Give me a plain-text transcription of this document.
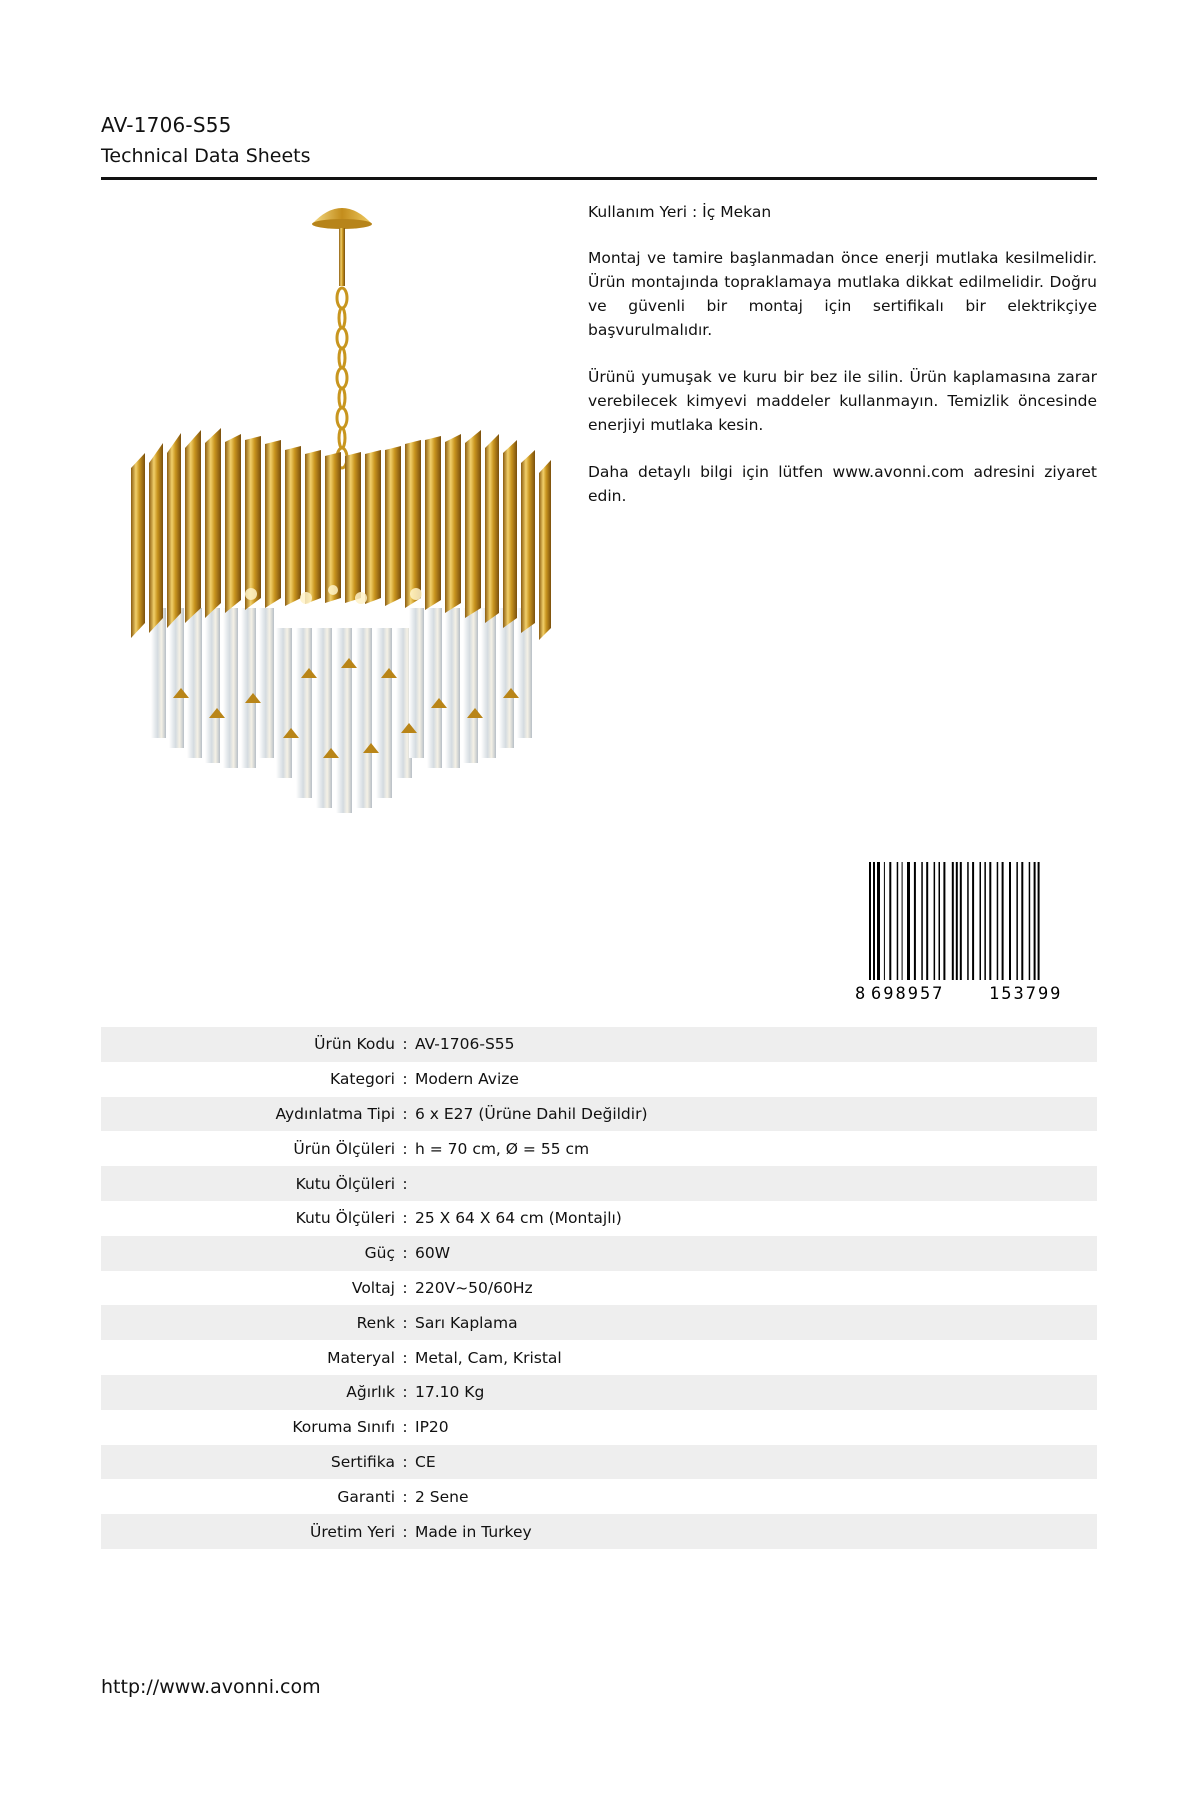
AV-1706-S55
Technical Data Sheets

Kullanım Yeri : İç Mekan

Montaj ve tamire başlanmadan önce enerji mutlaka kesilmelidir. Ürün montajında topraklamaya mutlaka dikkat edilmelidir. Doğru ve güvenli bir montaj için sertifikalı bir elektrikçiye başvurulmalıdır.

Ürünü yumuşak ve kuru bir bez ile silin. Ürün kaplamasına zarar verebilecek kimyevi maddeler kullanmayın. Temizlik öncesinde enerjiyi mutlaka kesin.

Daha detaylı bilgi için lütfen www.avonni.com adresini ziyaret edin.

8 698957	153799
Ürün Kodu : AV-1706-S55
Kategori : Modern Avize
Aydınlatma Tipi : 6 x E27 (Ürüne Dahil Değildir)
Ürün Ölçüleri : h = 70 cm, Ø = 55 cm
Kutu Ölçüleri :
Kutu Ölçüleri : 25 X 64 X 64 cm (Montajlı)
Güç : 60W
Voltaj : 220V~50/60Hz
Renk : Sarı Kaplama
Materyal : Metal, Cam, Kristal
Ağırlık : 17.10 Kg
Koruma Sınıfı : IP20
Sertifika : CE
Garanti : 2 Sene
Üretim Yeri : Made in Turkey
http://www.avonni.com
